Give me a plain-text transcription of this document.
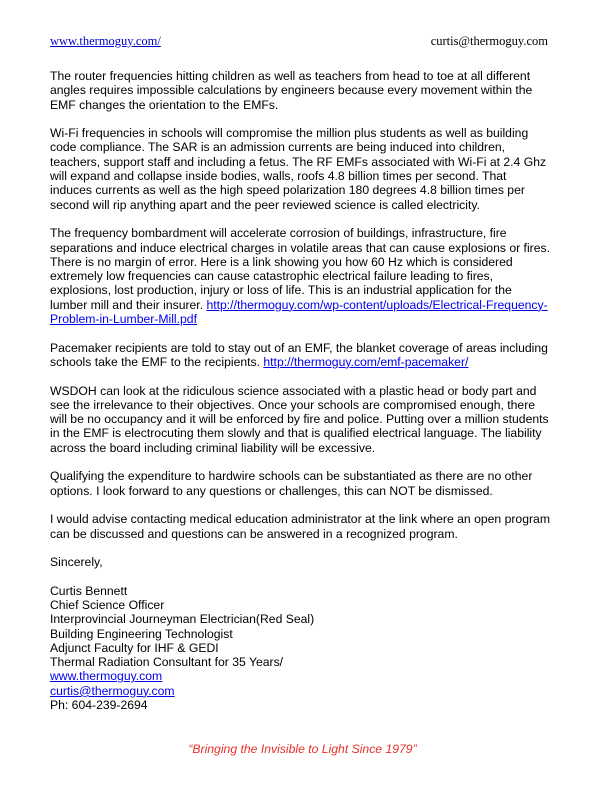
www.thermoguy.com/	curtis@thermoguy.com

The router frequencies hitting children as well as teachers from head to toe at all different angles requires impossible calculations by engineers because every movement within the EMF changes the orientation to the EMFs.

Wi-Fi frequencies in schools will compromise the million plus students as well as building code compliance. The SAR is an admission currents are being induced into children, teachers, support staff and including a fetus. The RF EMFs associated with Wi-Fi at 2.4 Ghz will expand and collapse inside bodies, walls, roofs 4.8 billion times per second. That induces currents as well as the high speed polarization 180 degrees 4.8 billion times per second will rip anything apart and the peer reviewed science is called electricity.

The frequency bombardment will accelerate corrosion of buildings, infrastructure, fire separations and induce electrical charges in volatile areas that can cause explosions or fires. There is no margin of error. Here is a link showing you how 60 Hz which is considered extremely low frequencies can cause catastrophic electrical failure leading to fires, explosions, lost production, injury or loss of life. This is an industrial application for the lumber mill and their insurer. http://thermoguy.com/wp-content/uploads/Electrical-Frequency-Problem-in-Lumber-Mill.pdf

Pacemaker recipients are told to stay out of an EMF, the blanket coverage of areas including schools take the EMF to the recipients. http://thermoguy.com/emf-pacemaker/

WSDOH can look at the ridiculous science associated with a plastic head or body part and see the irrelevance to their objectives. Once your schools are compromised enough, there will be no occupancy and it will be enforced by fire and police. Putting over a million students in the EMF is electrocuting them slowly and that is qualified electrical language. The liability across the board including criminal liability will be excessive.

Qualifying the expenditure to hardwire schools can be substantiated as there are no other options. I look forward to any questions or challenges, this can NOT be dismissed.

I would advise contacting medical education administrator at the link where an open program can be discussed and questions can be answered in a recognized program.

Sincerely,

Curtis Bennett
Chief Science Officer
Interprovincial Journeyman Electrician(Red Seal)
Building Engineering Technologist
Adjunct Faculty for IHF & GEDI
Thermal Radiation Consultant for 35 Years/
www.thermoguy.com
curtis@thermoguy.com
Ph: 604-239-2694
“Bringing the Invisible to Light Since 1979”
